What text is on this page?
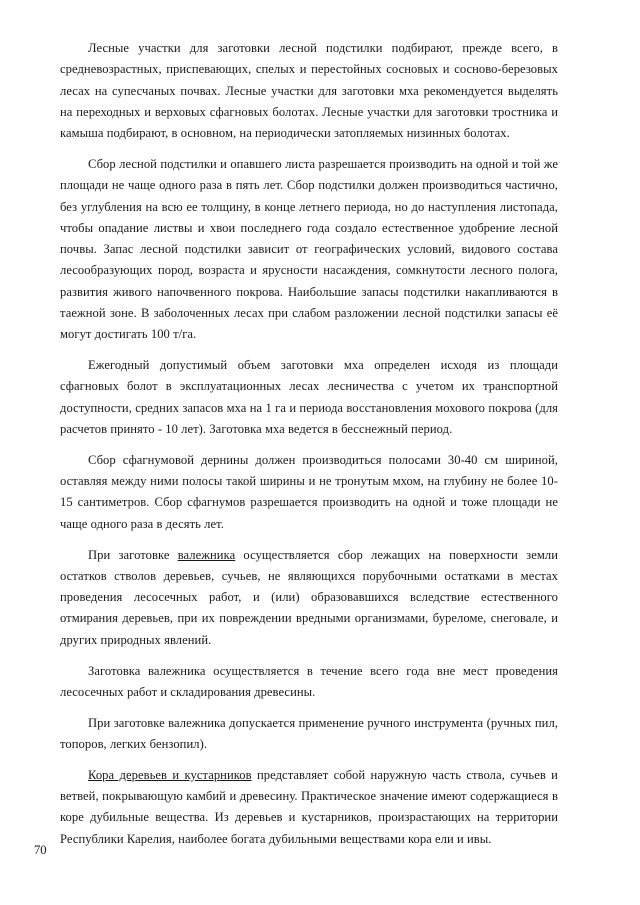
Лесные участки для заготовки лесной подстилки подбирают, прежде всего, в средневозрастных, приспевающих, спелых и перестойных сосновых и сосново-березовых лесах на супесчаных почвах. Лесные участки для заготовки мха рекомендуется выделять на переходных и верховых сфагновых болотах. Лесные участки для заготовки тростника и камыша подбирают, в основном, на периодически затопляемых низинных болотах.

Сбор лесной подстилки и опавшего листа разрешается производить на одной и той же площади не чаще одного раза в пять лет. Сбор подстилки должен производиться частично, без углубления на всю ее толщину, в конце летнего периода, но до наступления листопада, чтобы опадание листвы и хвои последнего года создало естественное удобрение лесной почвы. Запас лесной подстилки зависит от географических условий, видового состава лесообразующих пород, возраста и ярусности насаждения, сомкнутости лесного полога, развития живого напочвенного покрова. Наибольшие запасы подстилки накапливаются в таежной зоне. В заболоченных лесах при слабом разложении лесной подстилки запасы её могут достигать 100 т/га.

Ежегодный допустимый объем заготовки мха определен исходя из площади сфагновых болот в эксплуатационных лесах лесничества с учетом их транспортной доступности, средних запасов мха на 1 га и периода восстановления мохового покрова (для расчетов принято - 10 лет). Заготовка мха ведется в бесснежный период.

Сбор сфагнумовой дернины должен производиться полосами 30-40 см шириной, оставляя между ними полосы такой ширины и не тронутым мхом, на глубину не более 10-15 сантиметров. Сбор сфагнумов разрешается производить на одной и тоже площади не чаще одного раза в десять лет.

При заготовке валежника осуществляется сбор лежащих на поверхности земли остатков стволов деревьев, сучьев, не являющихся порубочными остатками в местах проведения лесосечных работ, и (или) образовавшихся вследствие естественного отмирания деревьев, при их повреждении вредными организмами, буреломе, снеговале, и других природных явлений.

Заготовка валежника осуществляется в течение всего года вне мест проведения лесосечных работ и складирования древесины.

При заготовке валежника допускается применение ручного инструмента (ручных пил, топоров, легких бензопил).

Кора деревьев и кустарников представляет собой наружную часть ствола, сучьев и ветвей, покрывающую камбий и древесину. Практическое значение имеют содержащиеся в коре дубильные вещества. Из деревьев и кустарников, произрастающих на территории Республики Карелия, наиболее богата дубильными веществами кора ели и ивы.

70
